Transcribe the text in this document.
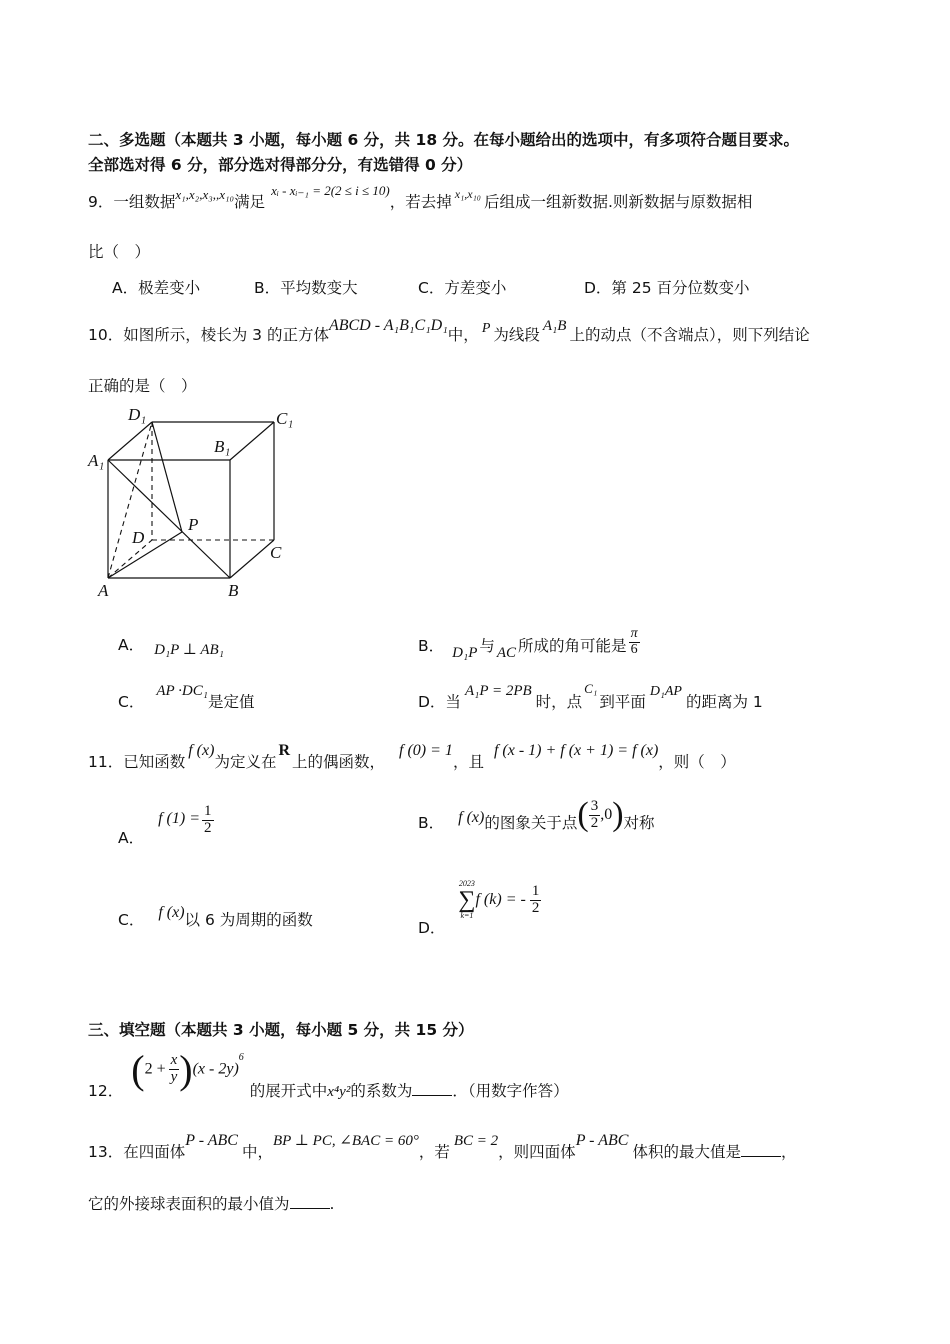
二、多选题（本题共 3 小题，每小题 6 分，共 18 分。在每小题给出的选项中，有多项符合题目要求。
全部选对得 6 分，部分选对得部分分，有选错得 0 分）
9．一组数据$^{x_1,x_2,x_3,,x_{10}}$满足$^{xᵢ - xᵢ_{-1} = 2(2 \le i \le 10)}$，若去掉 $^{x_1,x_{10}}$ 后组成一组新数据.则新数据与原数据相
比（　）
A．极差变小	B．平均数变大	C．方差变小	D．第 25 百分位数变小
10．如图所示，棱长为 3 的正方体ABCD - A₁B₁C₁D₁中， P 为线段 A₁B 上的动点（不含端点），则下列结论
正确的是（　）
D₁	C₁
A₁
B₁
P
D
C
A	B
A． D₁P ⊥ AB₁	B． D₁P 与 AC 所成的角可能是 $\frac{\pi}{6}$
C．AP ·DC₁是定值	D．当A₁P = 2PB时，点$^{C_1}$到平面D₁AP的距离为 1
11．已知函数f (x)为定义在R上的偶函数，f (0) = 1，且f (x - 1) + f (x + 1) = f (x)，则（　）
A．f $(1) = \frac{1}{2}$	B． f (x)的图象关于点( $\frac{3}{2} ,0$)对称
C． f (x)以 6 为周期的函数	D．
2023
∑
k=1
f (k) = - $\frac{1}{2}$
三、填空题（本题共 3 小题，每小题 5 分，共 15 分）
12． $(2 + \frac{x}{y} )(x - 2y)^6$的展开式中x⁴y²的系数为	．（用数字作答）
13．在四面体P - ABC中，BP ⊥ PC, ∠BAC = 60°，若BC = 2，则四面体P - ABC体积的最大值是	，
它的外接球表面积的最小值为	.
